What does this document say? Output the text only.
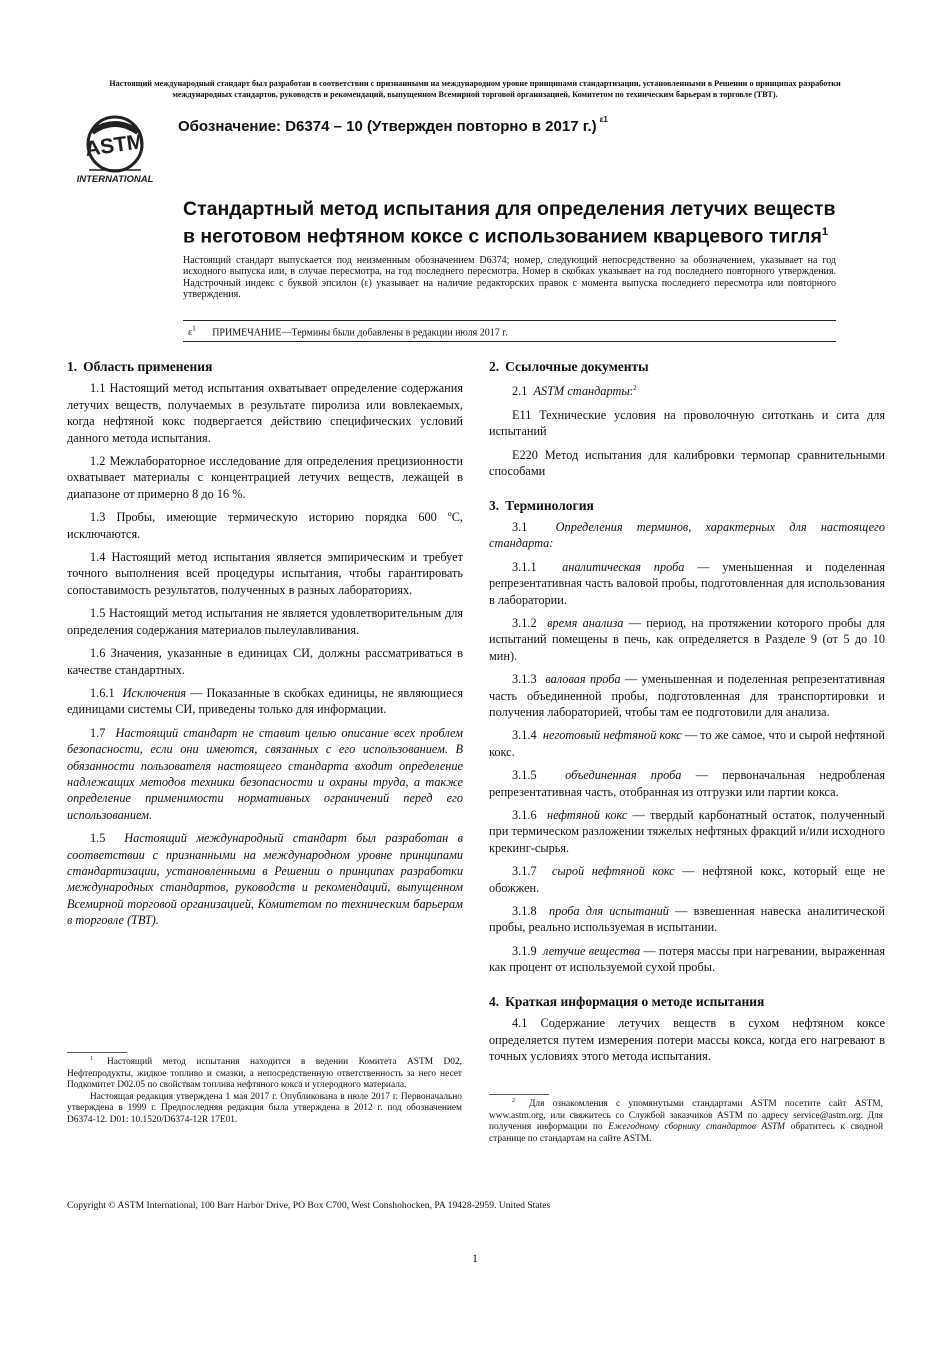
Настоящий международный стандарт был разработан в соответствии с признанными на международном уровне принципами стандартизации, установленными в Решении о принципах разработки
международных стандартов, руководств и рекомендаций, выпущенном Всемирной торговой организацией, Комитетом по техническим барьерам в торговле (ТВТ).
ASTM
INTERNATIONAL
Обозначение: D6374 – 10 (Утвержден повторно в 2017 г.) $^{\varepsilon 1}$
Стандартный метод испытания для определения летучих веществ
в неготовом нефтяном коксе с использованием кварцевого тигля$^1$
Настоящий стандарт выпускается под неизменным обозначением D6374; номер, следующий непосредственно за обозначением, указывает на год исходного выпуска или, в случае пересмотра, на год последнего пересмотра. Номер в скобках указывает на год последнего повторного утверждения. Надстрочный индекс с буквой эпсилон (ε) указывает на наличие редакторских правок с момента выпуска последнего пересмотра или повторного утверждения.
$\varepsilon^1$ ПРИМЕЧАНИЕ—Термины были добавлены в редакции июля 2017 г.
1. Область применения

1.1 Настоящий метод испытания охватывает определение содержания летучих веществ, получаемых в результате пиролиза или вовлекаемых, когда нефтяной кокс подвергается действию специфических условий данного метода испытания.

1.2 Межлабораторное исследование для определения прецизионности охватывает материалы с концентрацией летучих веществ, лежащей в диапазоне от примерно 8 до 16 %.

1.3 Пробы, имеющие термическую историю порядка 600 ºС, исключаются.

1.4 Настоящий метод испытания является эмпирическим и требует точного выполнения всей процедуры испытания, чтобы гарантировать сопоставимость результатов, полученных в разных лабораториях.

1.5 Настоящий метод испытания не является удовлетворительным для определения содержания материалов пылеулавливания.

1.6 Значения, указанные в единицах СИ, должны рассматриваться в качестве стандартных.

1.6.1 Исключения — Показанные в скобках единицы, не являющиеся единицами системы СИ, приведены только для информации.

1.7 Настоящий стандарт не ставит целью описание всех проблем безопасности, если они имеются, связанных с его использованием. В обязанности пользователя настоящего стандарта входит определение надлежащих методов техники безопасности и охраны труда, а также определение применимости нормативных ограничений перед его использованием.

1.5 Настоящий международный стандарт был разработан в соответствии с признанными на международном уровне принципами стандартизации, установленными в Решении о принципах разработки международных стандартов, руководств и рекомендаций, выпущенном Всемирной торговой организацией, Комитетом по техническим барьерам в торговле (ТВТ).

$^1$ Настоящий метод испытания находится в ведении Комитета ASTM D02, Нефтепродукты, жидкое топливо и смазки, а непосредственную ответственность за него несет Подкомитет D02.05 по свойствам топлива нефтяного кокса и углеродного материала.

Настоящая редакция утверждена 1 мая 2017 г. Опубликована в июле 2017 г. Первоначально утверждена в 1999 г. Предпоследняя редакция была утверждена в 2012 г. под обозначением D6374-12. D01: 10.1520/D6374-12R 17E01.

2. Ссылочные документы

2.1 ASTM стандарты:$^2$

E11 Технические условия на проволочную ситоткань и сита для испытаний

E220 Метод испытания для калибровки термопар сравнительными способами

3. Терминология

3.1 Определения терминов, характерных для настоящего стандарта:

3.1.1 аналитическая проба — уменьшенная и поделенная репрезентативная часть валовой пробы, подготовленная для использования в лаборатории.

3.1.2 время анализа — период, на протяжении которого пробы для испытаний помещены в печь, как определяется в Разделе 9 (от 5 до 10 мин).

3.1.3 валовая проба — уменьшенная и поделенная репрезентативная часть объединенной пробы, подготовленная для транспортировки и получения лабораторией, чтобы там ее подготовили для анализа.

3.1.4 неготовый нефтяной кокс — то же самое, что и сырой нефтяной кокс.

3.1.5 объединенная проба — первоначальная недробленая репрезентативная часть, отобранная из отгрузки или партии кокса.

3.1.6 нефтяной кокс — твердый карбонатный остаток, полученный при термическом разложении тяжелых нефтяных фракций и/или исходного крекинг-сырья.

3.1.7 сырой нефтяной кокс — нефтяной кокс, который еще не обожжен.

3.1.8 проба для испытаний — взвешенная навеска аналитической пробы, реально используемая в испытании.

3.1.9 летучие вещества — потеря массы при нагревании, выраженная как процент от используемой сухой пробы.

4. Краткая информация о методе испытания

4.1 Содержание летучих веществ в сухом нефтяном коксе определяется путем измерения потери массы кокса, когда его нагревают в точных условиях этого метода испытания.

$^2$ Для ознакомления с упомянутыми стандартами ASTM посетите сайт ASTM, www.astm.org, или свяжитесь со Службой заказчиков ASTM по адресу service@astm.org. Для получения информации по Ежегодному сборнику стандартов ASTM обратитесь к сводной странице по стандартам на сайте ASTM.

Copyright © ASTM International, 100 Barr Harbor Drive, PO Box C700, West Conshohocken, PA 19428-2959. United States
1
